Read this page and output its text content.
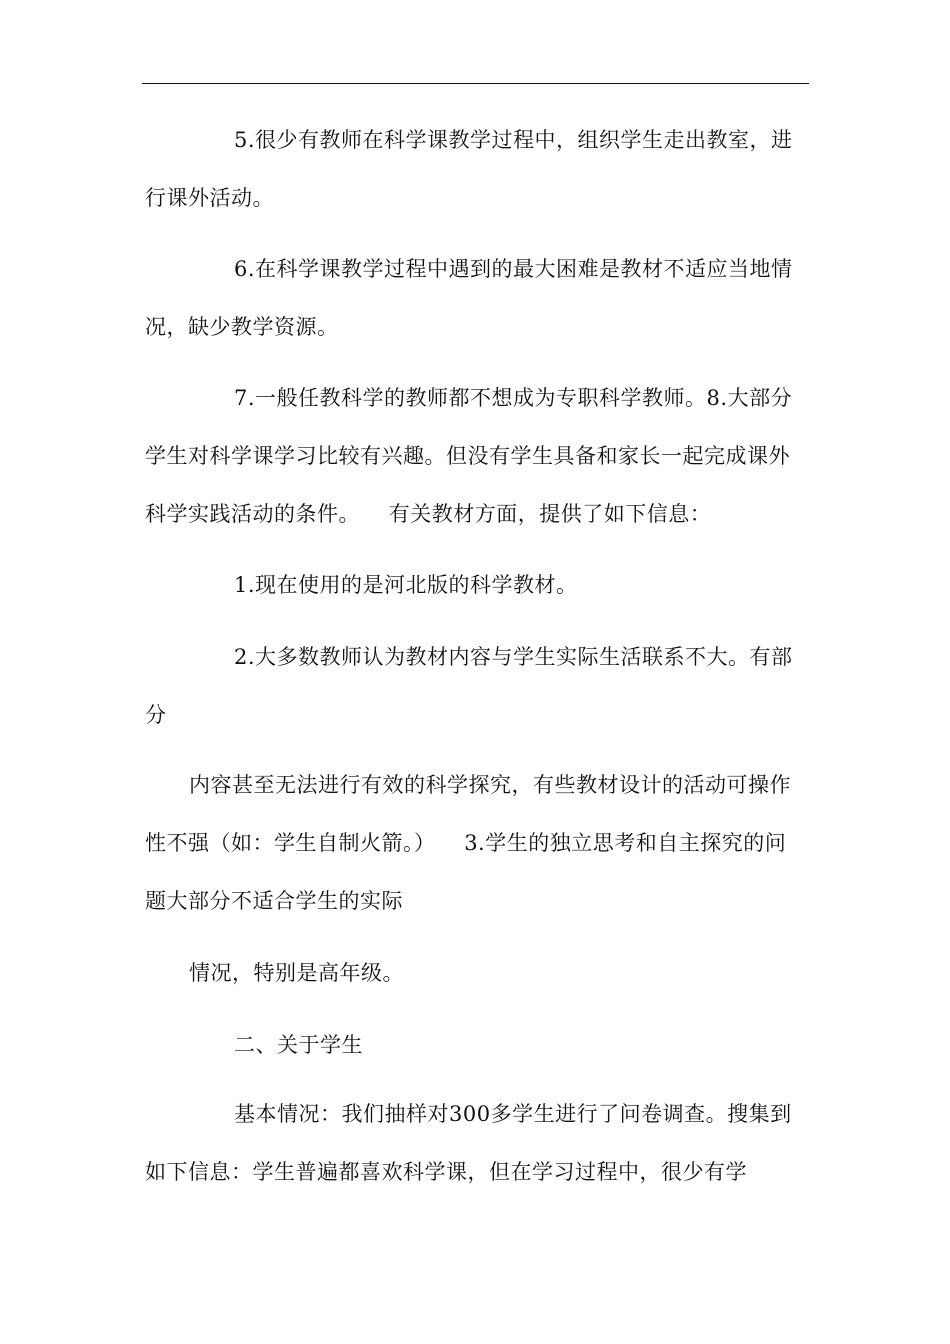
5.很少有教师在科学课教学过程中，组织学生走出教室，进行课外活动。

6.在科学课教学过程中遇到的最大困难是教材不适应当地情况，缺少教学资源。

7.一般任教科学的教师都不想成为专职科学教师。8.大部分学生对科学课学习比较有兴趣。但没有学生具备和家长一起完成课外科学实践活动的条件。    有关教材方面，提供了如下信息：

1.现在使用的是河北版的科学教材。

2.大多数教师认为教材内容与学生实际生活联系不大。有部分

内容甚至无法进行有效的科学探究，有些教材设计的活动可操作性不强（如：学生自制火箭。）    3.学生的独立思考和自主探究的问题大部分不适合学生的实际

情况，特别是高年级。

二、关于学生

基本情况：我们抽样对300多学生进行了问卷调查。搜集到如下信息：学生普遍都喜欢科学课，但在学习过程中，很少有学
